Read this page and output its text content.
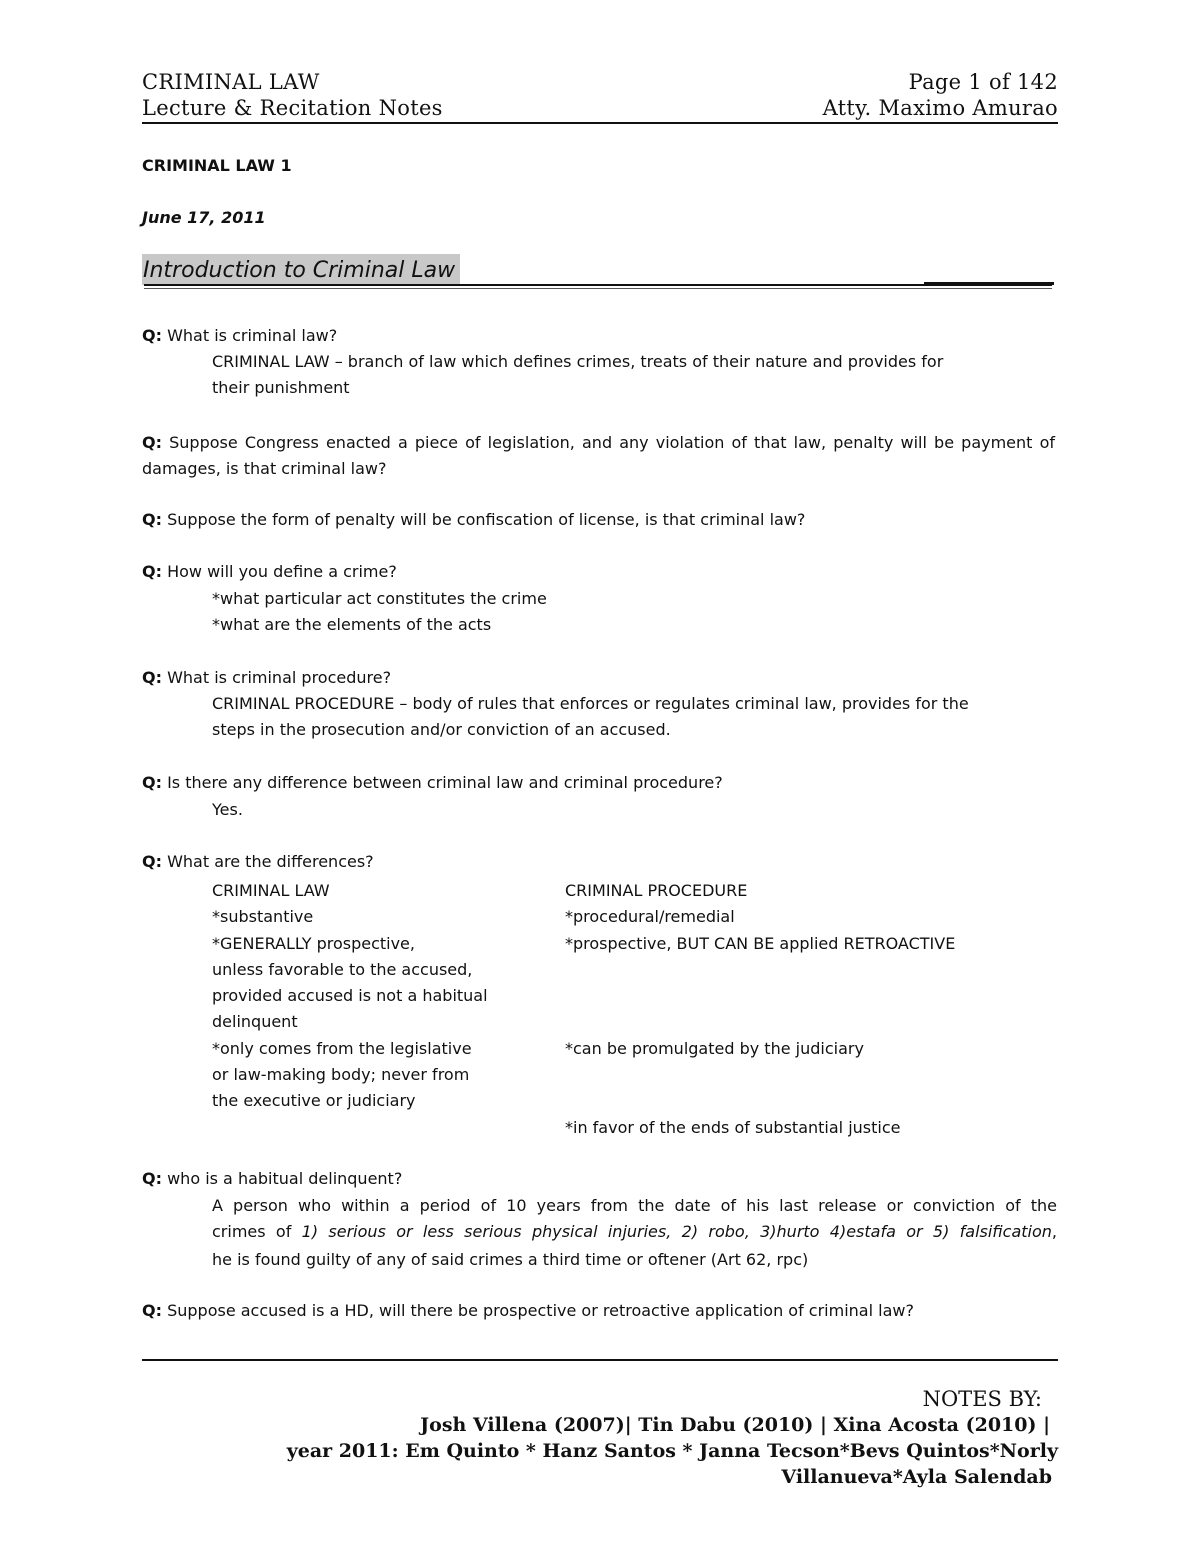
CRIMINAL LAW	Page 1 of 142
Lecture & Recitation Notes	Atty. Maximo Amurao
CRIMINAL LAW 1
June 17, 2011
Introduction to Criminal Law
Q: What is criminal law?
CRIMINAL LAW – branch of law which defines crimes, treats of their nature and provides for
their punishment
Q: Suppose Congress enacted a piece of legislation, and any violation of that law, penalty will be payment of damages, is that criminal law?
Q: Suppose the form of penalty will be confiscation of license, is that criminal law?
Q: How will you define a crime?
*what particular act constitutes the crime
*what are the elements of the acts
Q: What is criminal procedure?
CRIMINAL PROCEDURE – body of rules that enforces or regulates criminal law, provides for the
steps in the prosecution and/or conviction of an accused.
Q: Is there any difference between criminal law and criminal procedure?
Yes.
Q: What are the differences?
CRIMINAL LAW
*substantive
*GENERALLY prospective,
unless favorable to the accused,
provided accused is not a habitual
delinquent
*only comes from the legislative
or law-making body; never from
the executive or judiciary
CRIMINAL PROCEDURE
*procedural/remedial
*prospective, BUT CAN BE applied RETROACTIVE
*can be promulgated by the judiciary
*in favor of the ends of substantial justice
Q: who is a habitual delinquent?
A person who within a period of 10 years from the date of his last release or conviction of the
crimes of 1) serious or less serious physical injuries, 2) robo, 3)hurto 4)estafa or 5) falsification,
he is found guilty of any of said crimes a third time or oftener (Art 62, rpc)
Q: Suppose accused is a HD, will there be prospective or retroactive application of criminal law?
NOTES BY:
Josh Villena (2007)| Tin Dabu (2010) | Xina Acosta (2010) |
year 2011: Em Quinto * Hanz Santos * Janna Tecson*Bevs Quintos*Norly
Villanueva*Ayla Salendab
